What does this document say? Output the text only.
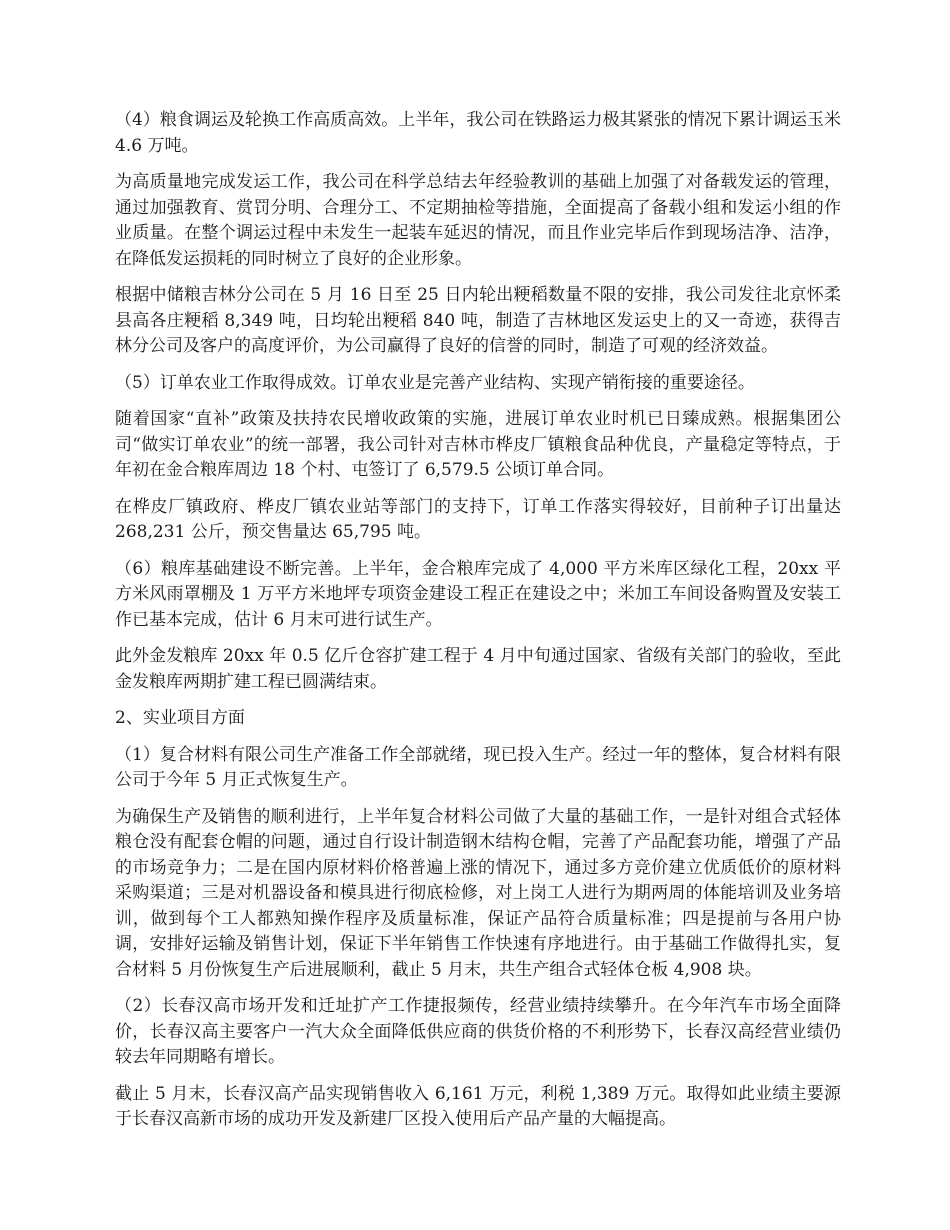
（4）粮食调运及轮换工作高质高效。上半年，我公司在铁路运力极其紧张的情况下累计调运玉米 4.6 万吨。

为高质量地完成发运工作，我公司在科学总结去年经验教训的基础上加强了对备载发运的管理，通过加强教育、赏罚分明、合理分工、不定期抽检等措施，全面提高了备载小组和发运小组的作业质量。在整个调运过程中未发生一起装车延迟的情况，而且作业完毕后作到现场洁净、洁净，在降低发运损耗的同时树立了良好的企业形象。

根据中储粮吉林分公司在 5 月 16 日至 25 日内轮出粳稻数量不限的安排，我公司发往北京怀柔县高各庄粳稻 8,349 吨，日均轮出粳稻 840 吨，制造了吉林地区发运史上的又一奇迹，获得吉林分公司及客户的高度评价，为公司赢得了良好的信誉的同时，制造了可观的经济效益。

（5）订单农业工作取得成效。订单农业是完善产业结构、实现产销衔接的重要途径。

随着国家“直补”政策及扶持农民增收政策的实施，进展订单农业时机已日臻成熟。根据集团公司“做实订单农业”的统一部署，我公司针对吉林市桦皮厂镇粮食品种优良，产量稳定等特点，于年初在金合粮库周边 18 个村、屯签订了 6,579.5 公顷订单合同。

在桦皮厂镇政府、桦皮厂镇农业站等部门的支持下，订单工作落实得较好，目前种子订出量达 268,231 公斤，预交售量达 65,795 吨。

（6）粮库基础建设不断完善。上半年，金合粮库完成了 4,000 平方米库区绿化工程，20xx 平方米风雨罩棚及 1 万平方米地坪专项资金建设工程正在建设之中；米加工车间设备购置及安装工作已基本完成，估计 6 月末可进行试生产。

此外金发粮库 20xx 年 0.5 亿斤仓容扩建工程于 4 月中旬通过国家、省级有关部门的验收，至此金发粮库两期扩建工程已圆满结束。

2、实业项目方面

（1）复合材料有限公司生产准备工作全部就绪，现已投入生产。经过一年的整体，复合材料有限公司于今年 5 月正式恢复生产。

为确保生产及销售的顺利进行，上半年复合材料公司做了大量的基础工作，一是针对组合式轻体粮仓没有配套仓帽的问题，通过自行设计制造钢木结构仓帽，完善了产品配套功能，增强了产品的市场竞争力；二是在国内原材料价格普遍上涨的情况下，通过多方竞价建立优质低价的原材料采购渠道；三是对机器设备和模具进行彻底检修，对上岗工人进行为期两周的体能培训及业务培训，做到每个工人都熟知操作程序及质量标准，保证产品符合质量标准；四是提前与各用户协调，安排好运输及销售计划，保证下半年销售工作快速有序地进行。由于基础工作做得扎实，复合材料 5 月份恢复生产后进展顺利，截止 5 月末，共生产组合式轻体仓板 4,908 块。

（2）长春汉高市场开发和迁址扩产工作捷报频传，经营业绩持续攀升。在今年汽车市场全面降价，长春汉高主要客户一汽大众全面降低供应商的供货价格的不利形势下，长春汉高经营业绩仍较去年同期略有增长。

截止 5 月末，长春汉高产品实现销售收入 6,161 万元，利税 1,389 万元。取得如此业绩主要源于长春汉高新市场的成功开发及新建厂区投入使用后产品产量的大幅提高。
